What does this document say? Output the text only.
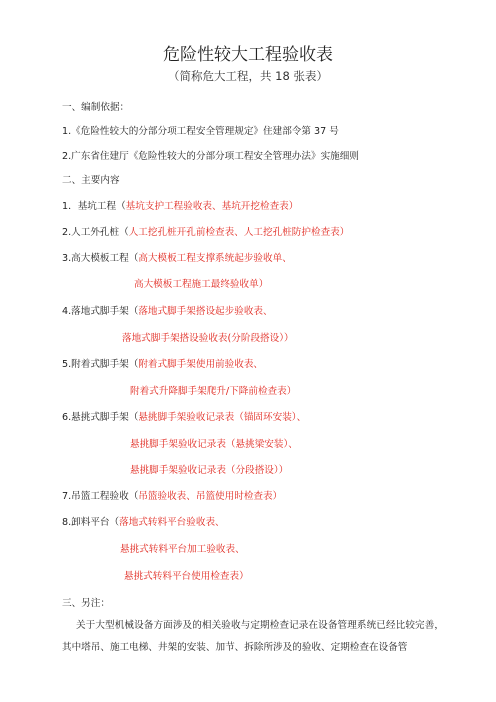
危险性较大工程验收表
（简称危大工程，共 18 张表）
一、编制依据：
1.《危险性较大的分部分项工程安全管理规定》住建部令第 37 号
2.广东省住建厅《危险性较大的分部分项工程安全管理办法》实施细则
二、主要内容
1．基坑工程（基坑支护工程验收表、基坑开挖检查表）
2.人工外孔桩（人工挖孔桩开孔前检查表、人工挖孔桩防护检查表）
3.高大模板工程（高大模板工程支撑系统起步验收单、
高大模板工程施工最终验收单）
4.落地式脚手架（落地式脚手架搭设起步验收表、
落地式脚手架搭设验收表(分阶段搭设））
5.附着式脚手架（附着式脚手架使用前验收表、
附着式升降脚手架爬升/下降前检查表）
6.悬挑式脚手架（悬挑脚手架验收记录表（锚固环安装）、
悬挑脚手架验收记录表（悬挑梁安装）、
悬挑脚手架验收记录表（分段搭设））
7.吊篮工程验收（吊篮验收表、吊篮使用时检查表）
8.卸料平台（落地式转料平台验收表、
悬挑式转料平台加工验收表、
悬挑式转料平台使用检查表）
三、另注：
关于大型机械设备方面涉及的相关验收与定期检查记录在设备管理系统已经比较完善，其中塔吊、施工电梯、井架的安装、加节、拆除所涉及的验收、定期检查在设备管
